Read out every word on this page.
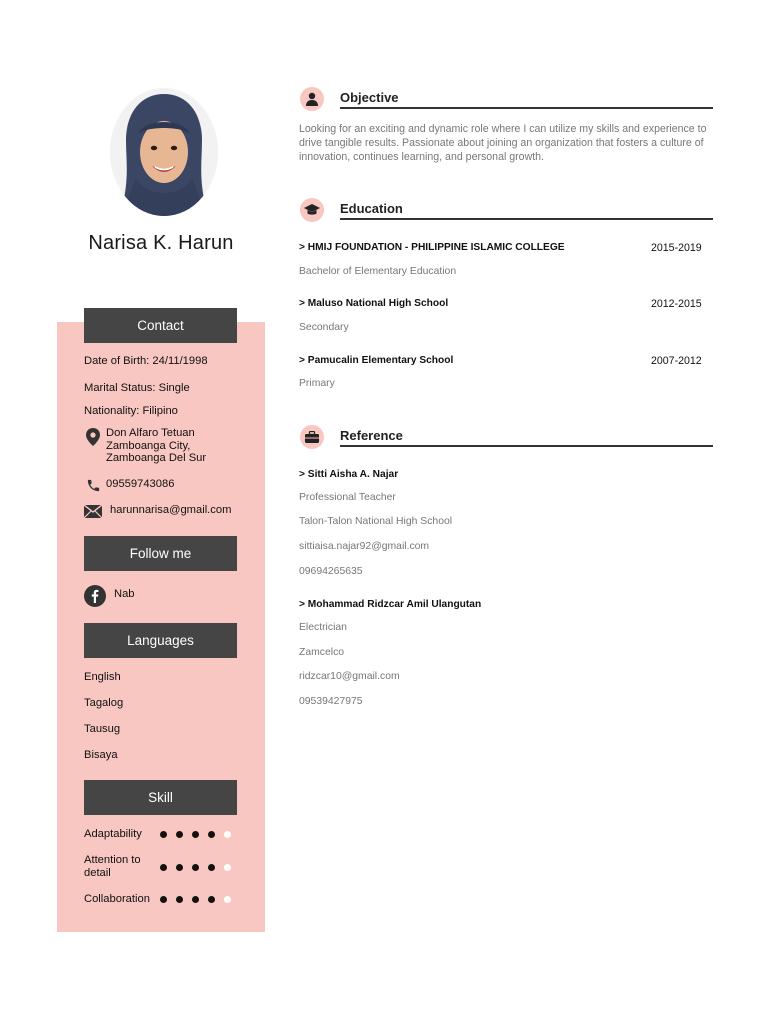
Narisa K. Harun
Contact
Date of Birth: 24/11/1998
Marital Status: Single
Nationality: Filipino
Don Alfaro Tetuan
Zamboanga City,
Zamboanga Del Sur
09559743086
harunnarisa@gmail.com
Follow me
Nab
Languages
English
Tagalog
Tausug
Bisaya
Skill
Adaptability
Attention to
detail
Collaboration
Objective
Looking for an exciting and dynamic role where I can utilize my skills and experience to drive tangible results. Passionate about joining an organization that fosters a culture of innovation, continues learning, and personal growth.
Education
> HMIJ FOUNDATION - PHILIPPINE ISLAMIC COLLEGE	2015-2019
Bachelor of Elementary Education
> Maluso National High School	2012-2015
Secondary
> Pamucalin Elementary School	2007-2012
Primary
Reference
> Sitti Aisha A. Najar
Professional Teacher
Talon-Talon National High School
sittiaisa.najar92@gmail.com
09694265635
> Mohammad Ridzcar Amil Ulangutan
Electrician
Zamcelco
ridzcar10@gmail.com
09539427975
